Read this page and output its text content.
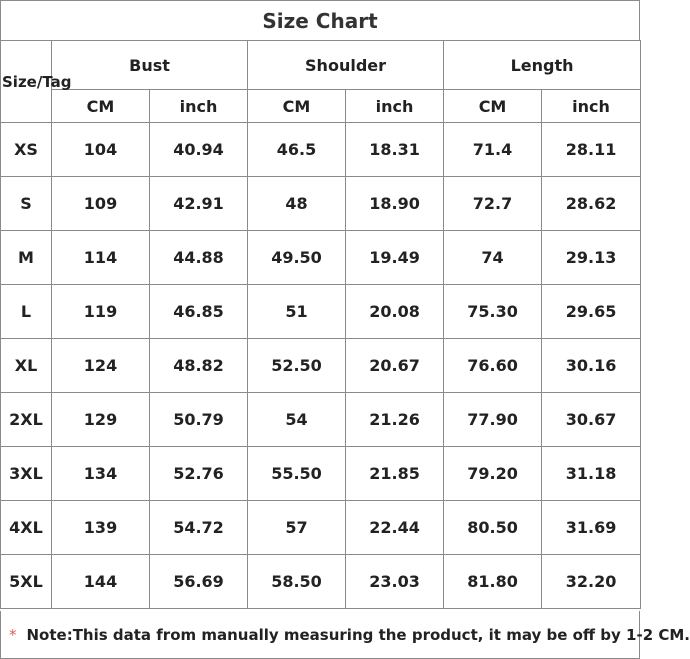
Size Chart
Size/Tag	Bust		Shoulder		Length	
	CM	inch	CM	inch	CM	inch
XS	104	40.94	46.5	18.31	71.4	28.11
S	109	42.91	48	18.90	72.7	28.62
M	114	44.88	49.50	19.49	74	29.13
L	119	46.85	51	20.08	75.30	29.65
XL	124	48.82	52.50	20.67	76.60	30.16
2XL	129	50.79	54	21.26	77.90	30.67
3XL	134	52.76	55.50	21.85	79.20	31.18
4XL	139	54.72	57	22.44	80.50	31.69
5XL	144	56.69	58.50	23.03	81.80	32.20
* Note:This data from manually measuring the product, it may be off by 1-2 CM.
